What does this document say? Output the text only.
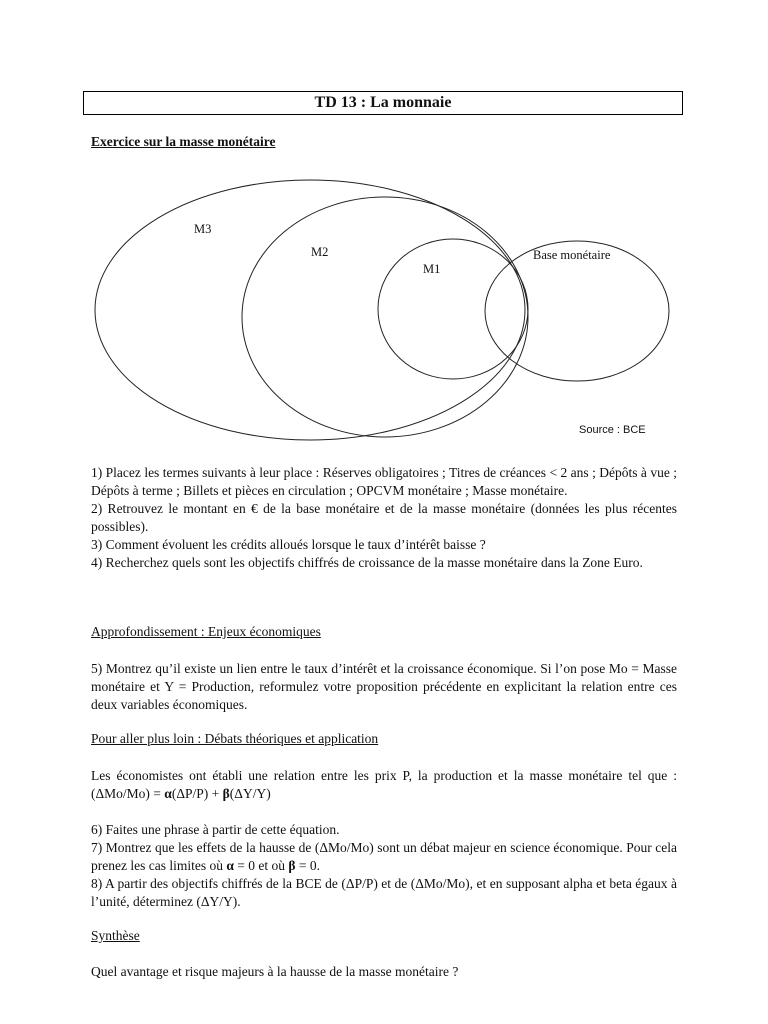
TD 13 : La monnaie
Exercice sur la masse monétaire
M3
M2
M1
Base monétaire
Source : BCE

1) Placez les termes suivants à leur place : Réserves obligatoires ; Titres de créances < 2 ans ; Dépôts à vue ; Dépôts à terme ; Billets et pièces en circulation ; OPCVM monétaire ; Masse monétaire.

2) Retrouvez le montant en € de la base monétaire et de la masse monétaire (données les plus récentes possibles).

3) Comment évoluent les crédits alloués lorsque le taux d’intérêt baisse ?

4) Recherchez quels sont les objectifs chiffrés de croissance de la masse monétaire dans la Zone Euro.

Approfondissement : Enjeux économiques

5) Montrez qu’il existe un lien entre le taux d’intérêt et la croissance économique. Si l’on pose Mo = Masse monétaire et Y = Production, reformulez votre proposition précédente en explicitant la relation entre ces deux variables économiques.

Pour aller plus loin : Débats théoriques et application

Les économistes ont établi une relation entre les prix P, la production et la masse monétaire tel que : (ΔMo/Mo) = α(ΔP/P) + β(ΔY/Y)

6) Faites une phrase à partir de cette équation.

7) Montrez que les effets de la hausse de (ΔMo/Mo) sont un débat majeur en science économique. Pour cela prenez les cas limites où α = 0 et où β = 0.

8) A partir des objectifs chiffrés de la BCE de (ΔP/P) et de (ΔMo/Mo), et en supposant alpha et beta égaux à l’unité, déterminez (ΔY/Y).

Synthèse

Quel avantage et risque majeurs à la hausse de la masse monétaire ?
